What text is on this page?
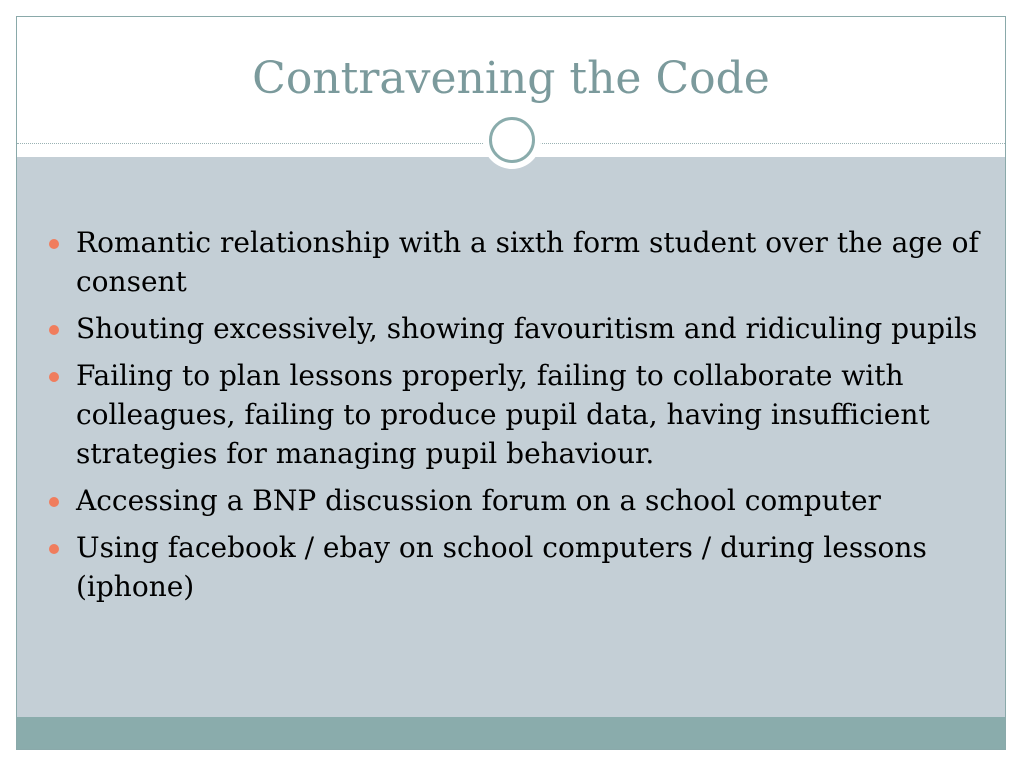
Contravening the Code
Romantic relationship with a sixth form student over the age of consent
Shouting excessively, showing favouritism and ridiculing pupils
Failing to plan lessons properly, failing to collaborate with colleagues, failing to produce pupil data, having insufficient strategies for managing pupil behaviour.
Accessing a BNP discussion forum on a school computer
Using facebook / ebay on school computers / during lessons (iphone)
